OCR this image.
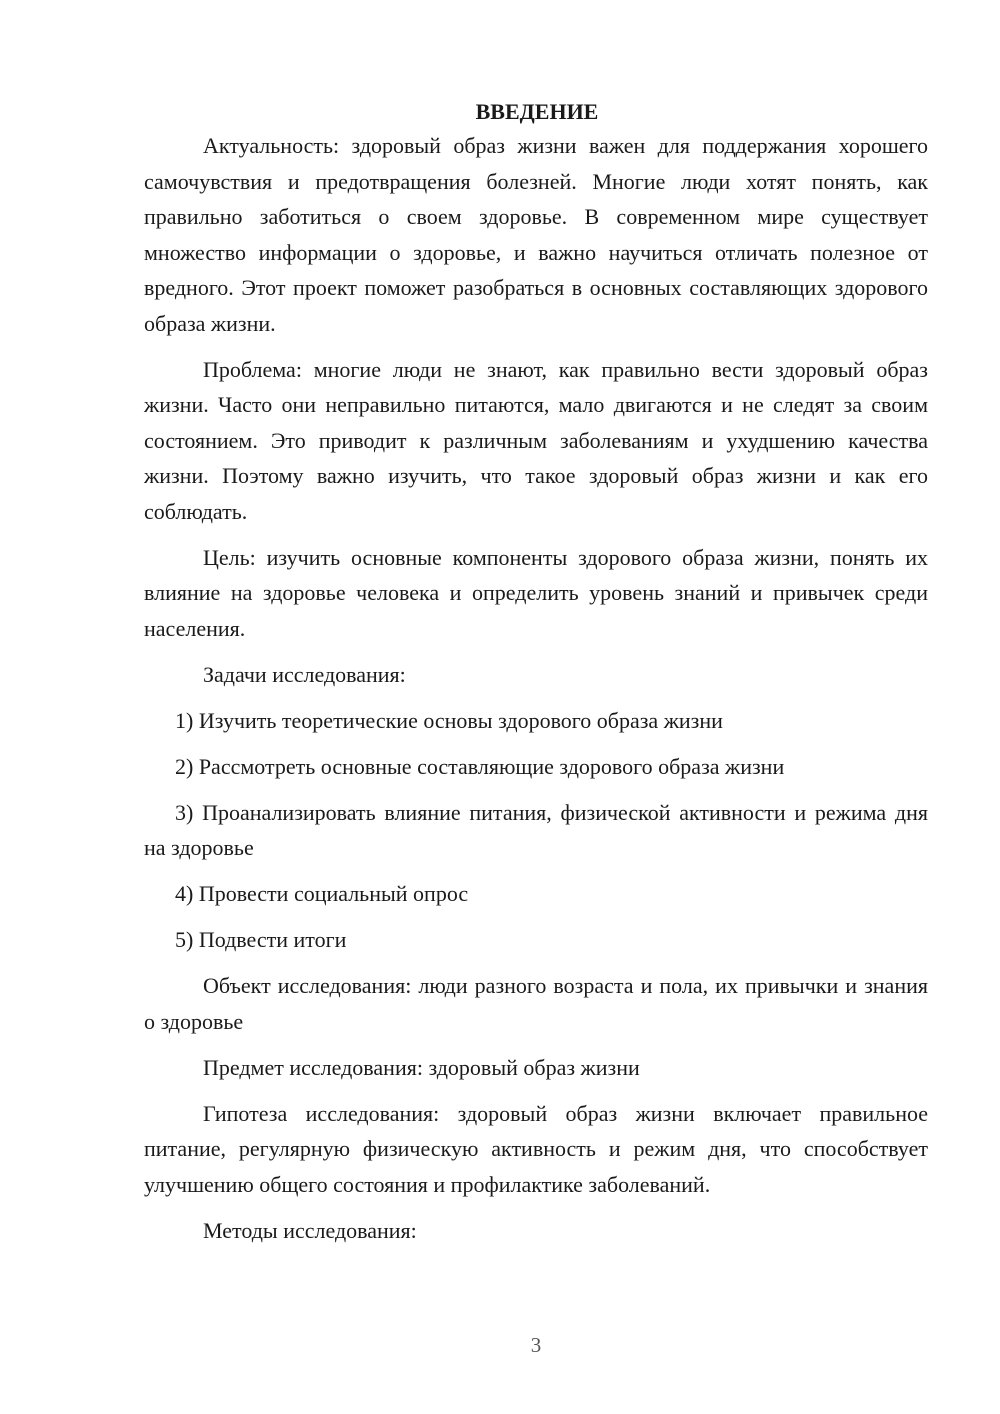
ВВЕДЕНИЕ

Актуальность: здоровый образ жизни важен для поддержания хорошего самочувствия и предотвращения болезней. Многие люди хотят понять, как правильно заботиться о своем здоровье. В современном мире существует множество информации о здоровье, и важно научиться отличать полезное от вредного. Этот проект поможет разобраться в основных составляющих здорового образа жизни.

Проблема: многие люди не знают, как правильно вести здоровый образ жизни. Часто они неправильно питаются, мало двигаются и не следят за своим состоянием. Это приводит к различным заболеваниям и ухудшению качества жизни. Поэтому важно изучить, что такое здоровый образ жизни и как его соблюдать.

Цель: изучить основные компоненты здорового образа жизни, понять их влияние на здоровье человека и определить уровень знаний и привычек среди населения.

Задачи исследования:

1) Изучить теоретические основы здорового образа жизни

2) Рассмотреть основные составляющие здорового образа жизни

3) Проанализировать влияние питания, физической активности и режима дня на здоровье

4) Провести социальный опрос

5) Подвести итоги

Объект исследования: люди разного возраста и пола, их привычки и знания о здоровье

Предмет исследования: здоровый образ жизни

Гипотеза исследования: здоровый образ жизни включает правильное питание, регулярную физическую активность и режим дня, что способствует улучшению общего состояния и профилактике заболеваний.

Методы исследования:

3
